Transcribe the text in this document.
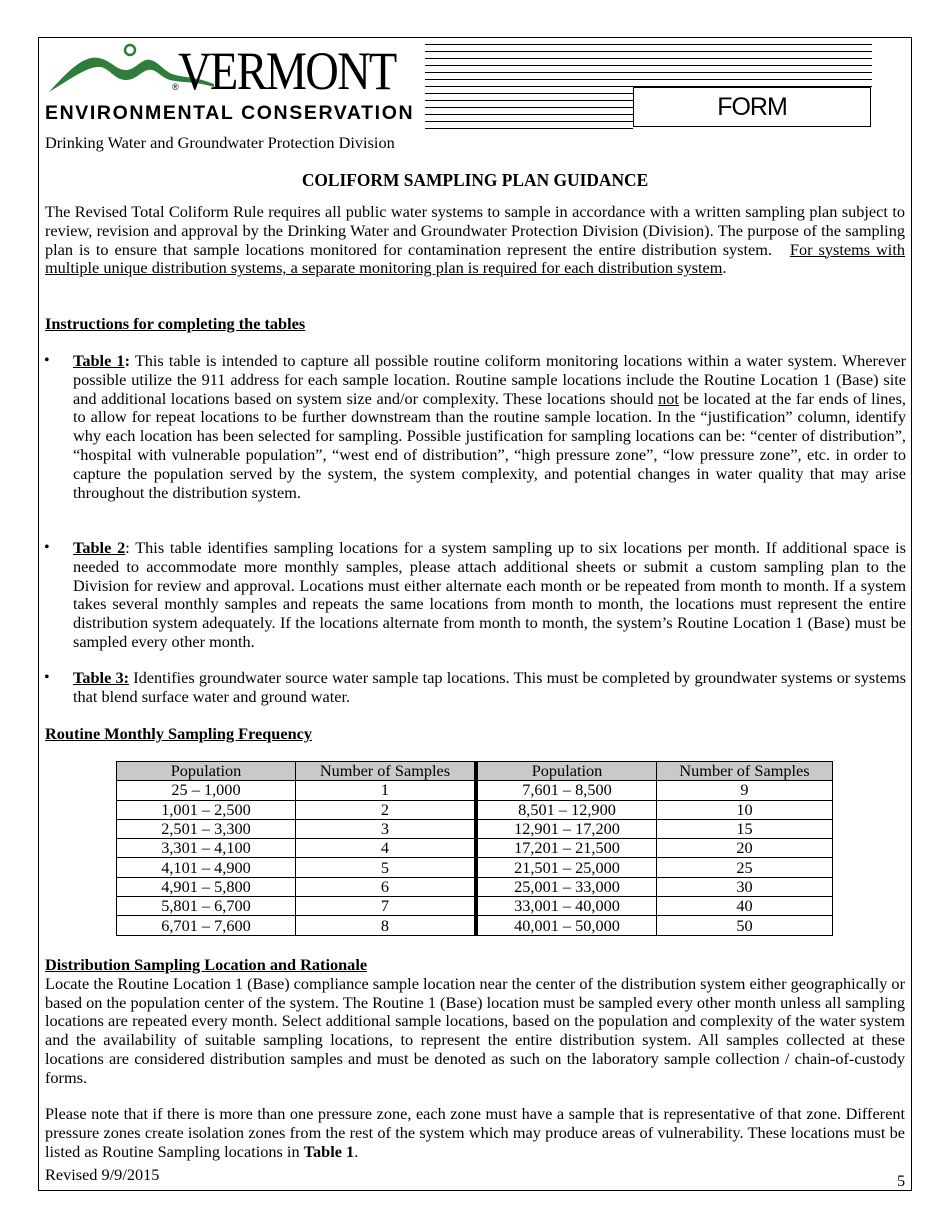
VERMONT
®
ENVIRONMENTAL CONSERVATION	FORM
Drinking Water and Groundwater Protection Division
COLIFORM SAMPLING PLAN GUIDANCE
The Revised Total Coliform Rule requires all public water systems to sample in accordance with a written sampling plan subject to review, revision and approval by the Drinking Water and Groundwater Protection Division (Division). The purpose of the sampling plan is to ensure that sample locations monitored for contamination represent the entire distribution system. For systems with multiple unique distribution systems, a separate monitoring plan is required for each distribution system.
Instructions for completing the tables
• Table 1: This table is intended to capture all possible routine coliform monitoring locations within a water system. Wherever possible utilize the 911 address for each sample location. Routine sample locations include the Routine Location 1 (Base) site and additional locations based on system size and/or complexity. These locations should not be located at the far ends of lines, to allow for repeat locations to be further downstream than the routine sample location. In the “justification” column, identify why each location has been selected for sampling. Possible justification for sampling locations can be: “center of distribution”, “hospital with vulnerable population”, “west end of distribution”, “high pressure zone”, “low pressure zone”, etc. in order to capture the population served by the system, the system complexity, and potential changes in water quality that may arise throughout the distribution system.
• Table 2: This table identifies sampling locations for a system sampling up to six locations per month. If additional space is needed to accommodate more monthly samples, please attach additional sheets or submit a custom sampling plan to the Division for review and approval. Locations must either alternate each month or be repeated from month to month. If a system takes several monthly samples and repeats the same locations from month to month, the locations must represent the entire distribution system adequately. If the locations alternate from month to month, the system’s Routine Location 1 (Base) must be sampled every other month.
• Table 3: Identifies groundwater source water sample tap locations. This must be completed by groundwater systems or systems that blend surface water and ground water.
Routine Monthly Sampling Frequency
Population	Number of Samples	Population	Number of Samples
25 – 1,000	1	7,601 – 8,500	9
1,001 – 2,500	2	8,501 – 12,900	10
2,501 – 3,300	3	12,901 – 17,200	15
3,301 – 4,100	4	17,201 – 21,500	20
4,101 – 4,900	5	21,501 – 25,000	25
4,901 – 5,800	6	25,001 – 33,000	30
5,801 – 6,700	7	33,001 – 40,000	40
6,701 – 7,600	8	40,001 – 50,000	50
Distribution Sampling Location and Rationale
Locate the Routine Location 1 (Base) compliance sample location near the center of the distribution system either geographically or based on the population center of the system. The Routine 1 (Base) location must be sampled every other month unless all sampling locations are repeated every month. Select additional sample locations, based on the population and complexity of the water system and the availability of suitable sampling locations, to represent the entire distribution system. All samples collected at these locations are considered distribution samples and must be denoted as such on the laboratory sample collection / chain-of-custody forms.
Please note that if there is more than one pressure zone, each zone must have a sample that is representative of that zone. Different pressure zones create isolation zones from the rest of the system which may produce areas of vulnerability. These locations must be listed as Routine Sampling locations in Table 1.
Revised 9/9/2015	5
